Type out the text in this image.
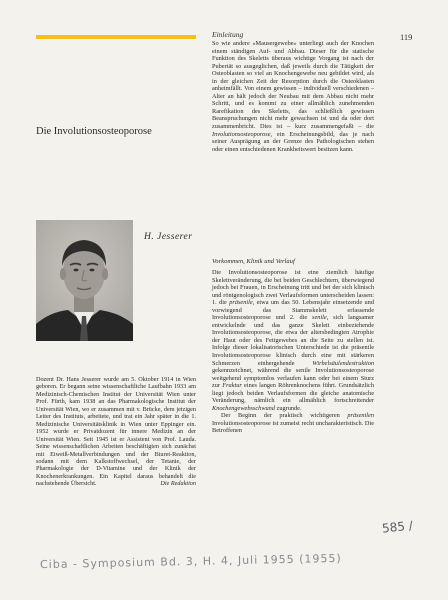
Einleitung	119
Die Involutionsosteoporose
H. Jesserer
Dozent Dr. Hans Jesserer wurde am 5. Oktober 1914 in Wien geboren. Er begann seine wissenschaftliche Laufbahn 1933 am Medizinisch-Chemischen Institut der Universität Wien unter Prof. Fürth, kam 1938 an das Pharmakologische Institut der Universität Wien, wo er zusammen mit v. Brücke, dem jetzigen Leiter des Instituts, arbeitete, und trat ein Jahr später in die 1. Medizinische Universitätsklinik in Wien unter Eppinger ein. 1952 wurde er Privatdozent für innere Medizin an der Universität Wien. Seit 1945 ist er Assistent von Prof. Lauda. Seine wissenschaftlichen Arbeiten beschäftigten sich zunächst mit Eiweiß-Metallverbindungen und der Biuret-Reaktion, sodann mit dem Kalkstoffwechsel, der Tetanie, der Pharmakologie der D-Vitamine und der Klinik der Knochenerkrankungen. Ein Kapitel daraus behandelt die nachstehende Übersicht.	Die Redaktion

So wie andere «Mausergewebe» unterliegt auch der Knochen einem ständigen Auf- und Abbau. Dieser für die statische Funktion des Skeletts überaus wichtige Vorgang ist nach der Pubertät so ausgeglichen, daß jeweils durch die Tätigkeit der Osteoblasten so viel an Knochengewebe neu gebildet wird, als in der gleichen Zeit der Resorption durch die Osteoklasten anheimfällt. Von einem gewissen – individuell verschiedenen – Alter an hält jedoch der Neubau mit dem Abbau nicht mehr Schritt, und es kommt zu einer allmählich zunehmenden Rarefikation des Skeletts, das schließlich gewissen Beanspruchungen nicht mehr gewachsen ist und da oder dort zusammenbricht. Dies ist – kurz zusammengefaßt – die Involutionsosteoporose, ein Erscheinungsbild, das je nach seiner Ausprägung an der Grenze des Pathologischen stehen oder einen entschiedenen Krankheitswert besitzen kann.

Vorkommen, Klinik und Verlauf

Die Involutionsosteoporose ist eine ziemlich häufige Skelettveränderung, die bei beiden Geschlechtern, überwiegend jedoch bei Frauen, in Erscheinung tritt und bei der sich klinisch und röntgenologisch zwei Verlaufsformen unterscheiden lassen: 1. die präsenile, etwa um das 50. Lebensjahr einsetzende und vorwiegend das Stammskelett erfassende Involutionsosteoporose und 2. die senile, sich langsamer entwickelnde und das ganze Skelett einbeziehende Involutionsosteoporose, die etwa der altersbedingten Atrophie der Haut oder des Fettgewebes an die Seite zu stellen ist. Infolge dieser lokalisatorischen Unterschiede ist die präsenile Involutionsosteoporose klinisch durch eine mit stärkeren Schmerzen einhergehende Wirbelsäulendestruktion gekennzeichnet, während die senile Involutionsosteoporose weitgehend symptomlos verlaufen kann oder bei einem Sturz zur Fraktur eines langen Röhrenknochens führt. Grundsätzlich liegt jedoch beiden Verlaufsformen die gleiche anatomische Veränderung, nämlich ein allmählich fortschreitender Knochengewebsschwund zugrunde.

Der Beginn der praktisch wichtigeren präsenilen Involutionsosteoporose ist zumeist recht uncharakteristisch. Die Betroffenen

585 /
Ciba - Symposium Bd. 3, H. 4, Juli 1955 (1955)
